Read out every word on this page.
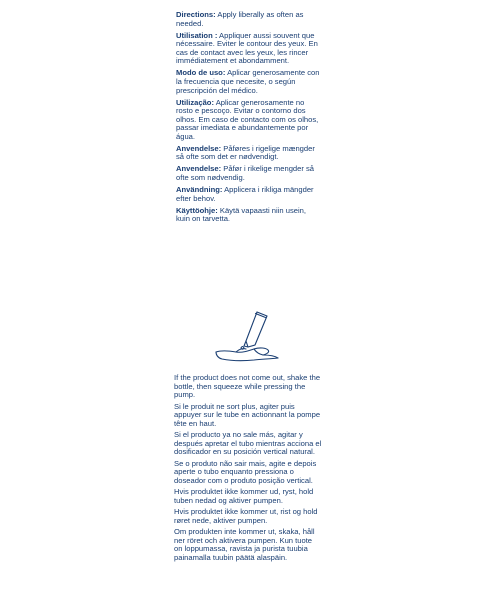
Directions: Apply liberally as often as needed.

Utilisation : Appliquer aussi souvent que nécessaire. Eviter le contour des yeux. En cas de contact avec les yeux, les rincer immédiatement et abondamment.

Modo de uso: Aplicar generosamente con la frecuencia que necesite, o según prescripción del médico.

Utilização: Aplicar generosamente no rosto e pescoço. Evitar o contorno dos olhos. Em caso de contacto com os olhos, passar imediata e abundantemente por água.

Anvendelse: Påføres i rigelige mængder så ofte som det er nødvendigt.

Anvendelse: Påfør i rikelige mengder så ofte som nødvendig.

Användning: Applicera i rikliga mängder efter behov.

Käyttöohje: Käytä vapaasti niin usein, kuin on tarvetta.

If the product does not come out, shake the bottle, then squeeze while pressing the pump.

Si le produit ne sort plus, agiter puis appuyer sur le tube en actionnant la pompe tête en haut.

Si el producto ya no sale más, agitar y después apretar el tubo mientras acciona el dosificador en su posición vertical natural.

Se o produto não sair mais, agite e depois aperte o tubo enquanto pressiona o doseador com o produto posição vertical.

Hvis produktet ikke kommer ud, ryst, hold tuben nedad og aktiver pumpen.

Hvis produktet ikke kommer ut, rist og hold røret nede, aktiver pumpen.

Om produkten inte kommer ut, skaka, håll ner röret och aktivera pumpen. Kun tuote on loppumassa, ravista ja purista tuubia painamalla tuubin päätä alaspäin.
